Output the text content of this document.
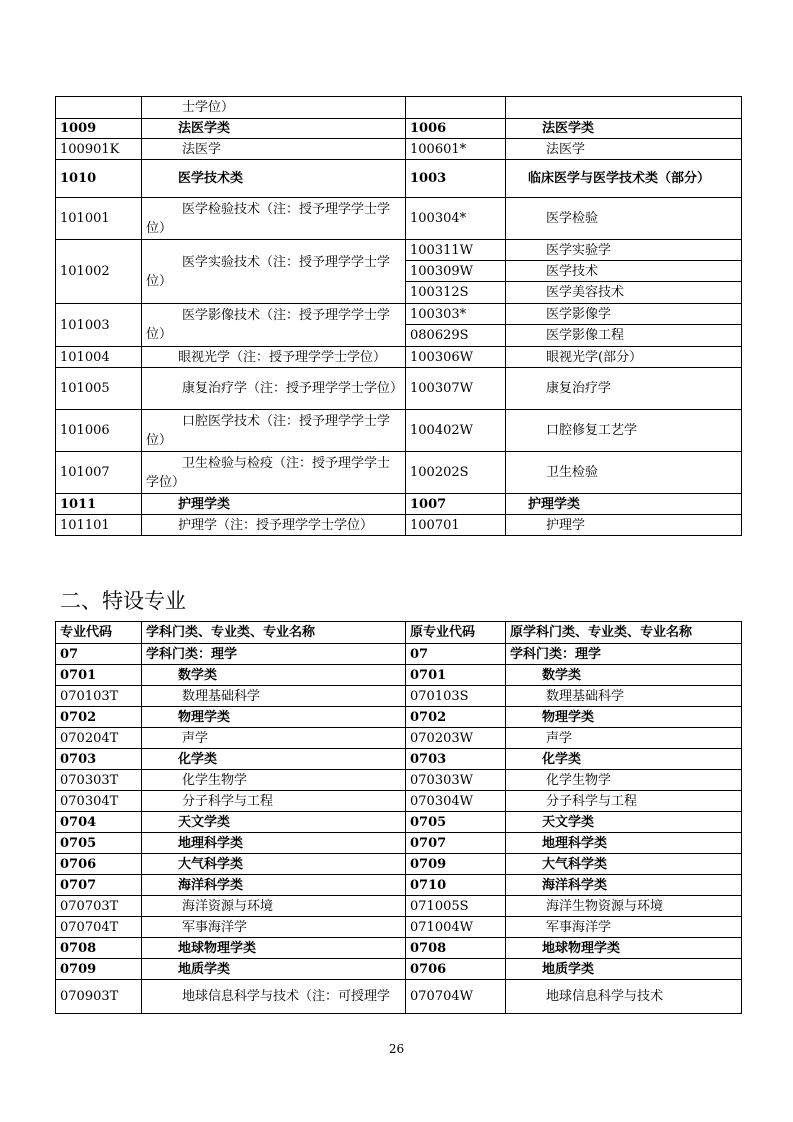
	士学位）		
1009	法医学类	1006	法医学类
100901K	法医学	100601*	法医学
1010	医学技术类	1003	临床医学与医学技术类（部分）
101001	医学检验技术（注：授予理学学士学位）	100304*	医学检验
101002	医学实验技术（注：授予理学学士学位）	100311W	医学实验学
		100309W	医学技术
		100312S	医学美容技术
101003	医学影像技术（注：授予理学学士学位）	100303*	医学影像学
		080629S	医学影像工程
101004	眼视光学（注：授予理学学士学位）	100306W	眼视光学(部分）
101005	康复治疗学（注：授予理学学士学位）	100307W	康复治疗学
101006	口腔医学技术（注：授予理学学士学位）	100402W	口腔修复工艺学
101007	卫生检验与检疫（注：授予理学学士学位）	100202S	卫生检验
1011	护理学类	1007	护理学类
101101	护理学（注：授予理学学士学位）	100701	护理学
二、特设专业
专业代码	学科门类、专业类、专业名称	原专业代码	原学科门类、专业类、专业名称
07	学科门类：理学	07	学科门类：理学
0701	数学类	0701	数学类
070103T	数理基础科学	070103S	数理基础科学
0702	物理学类	0702	物理学类
070204T	声学	070203W	声学
0703	化学类	0703	化学类
070303T	化学生物学	070303W	化学生物学
070304T	分子科学与工程	070304W	分子科学与工程
0704	天文学类	0705	天文学类
0705	地理科学类	0707	地理科学类
0706	大气科学类	0709	大气科学类
0707	海洋科学类	0710	海洋科学类
070703T	海洋资源与环境	071005S	海洋生物资源与环境
070704T	军事海洋学	071004W	军事海洋学
0708	地球物理学类	0708	地球物理学类
0709	地质学类	0706	地质学类
070903T	地球信息科学与技术（注：可授理学	070704W	地球信息科学与技术
26
